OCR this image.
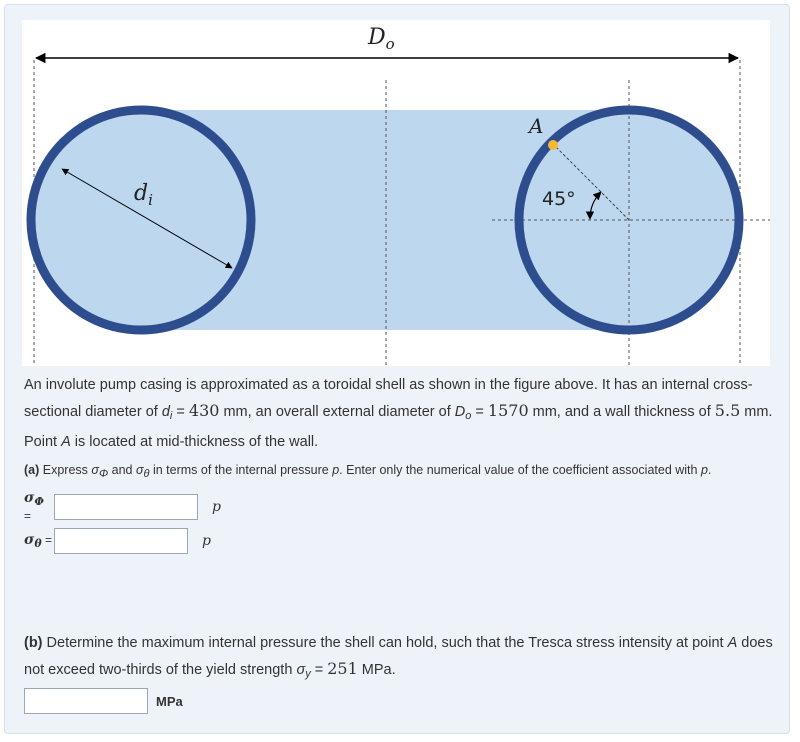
$D_o$
$d_i$	45°
A
An involute pump casing is approximated as a toroidal shell as shown in the figure above. It has an internal cross-sectional diameter of $d_i = 430$ mm, an overall external diameter of $D_o = 1570$ mm, and a wall thickness of 5.5 mm. Point A is located at mid-thickness of the wall.
(a) Express σΦ and σθ in terms of the internal pressure p. Enter only the numerical value of the coefficient associated with p.
$\sigma_\Phi$ =
p
$\sigma_\theta$ =	p
(b) Determine the maximum internal pressure the shell can hold, such that the Tresca stress intensity at point A does not exceed two-thirds of the yield strength $\sigma_y = 251$ MPa.
MPa
